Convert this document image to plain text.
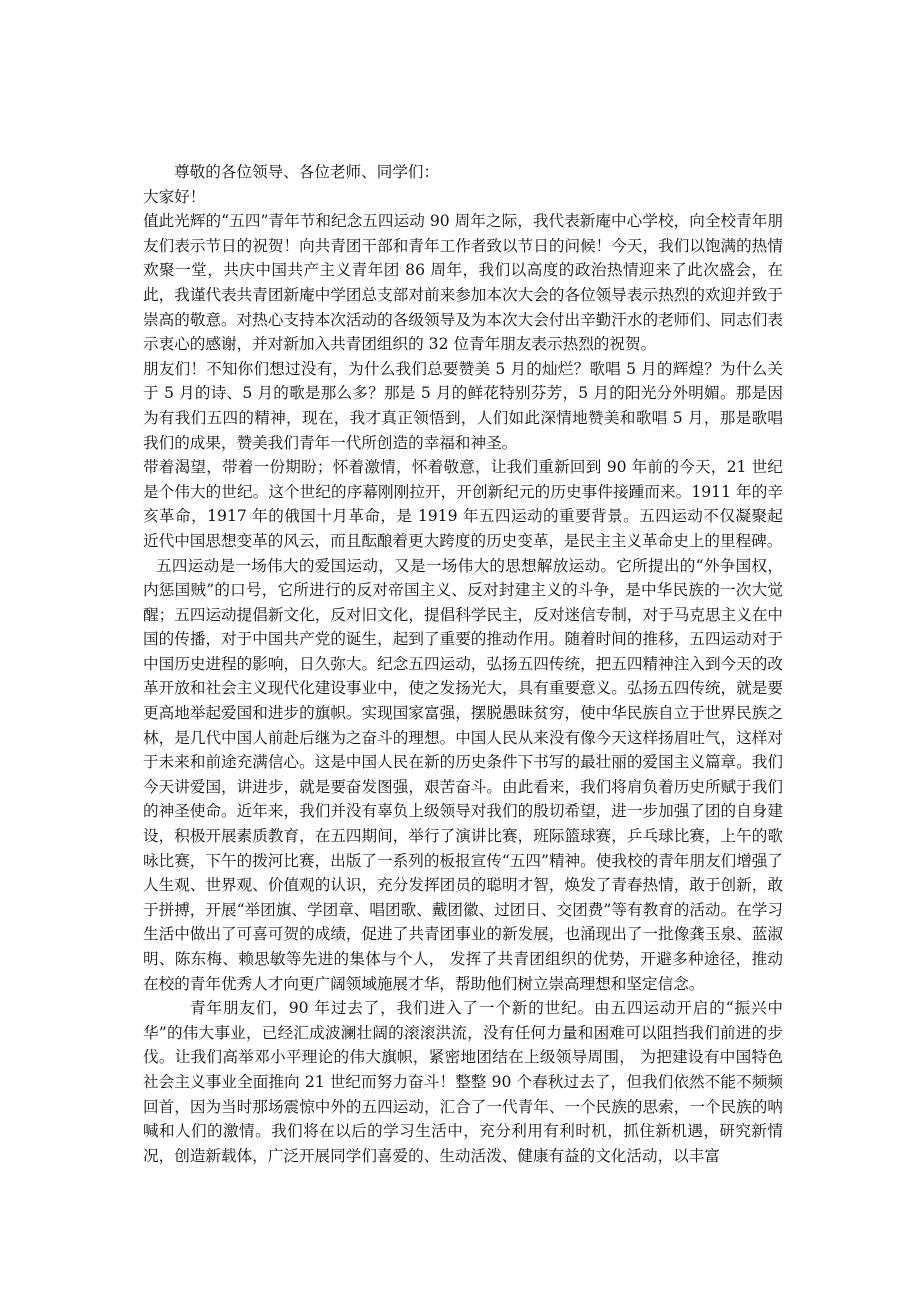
尊敬的各位领导、各位老师、同学们：

大家好！

值此光辉的“五四”青年节和纪念五四运动 90 周年之际，我代表新庵中心学校，向全校青年朋友们表示节日的祝贺！向共青团干部和青年工作者致以节日的问候！今天，我们以饱满的热情欢聚一堂，共庆中国共产主义青年团 86 周年，我们以高度的政治热情迎来了此次盛会，在此，我谨代表共青团新庵中学团总支部对前来参加本次大会的各位领导表示热烈的欢迎并致于崇高的敬意。对热心支持本次活动的各级领导及为本次大会付出辛勤汗水的老师们、同志们表示衷心的感谢，并对新加入共青团组织的 32 位青年朋友表示热烈的祝贺。

朋友们！不知你们想过没有，为什么我们总要赞美 5 月的灿烂？歌唱 5 月的辉煌？为什么关于 5 月的诗、5 月的歌是那么多？那是 5 月的鲜花特别芬芳，5 月的阳光分外明媚。那是因为有我们五四的精神，现在，我才真正领悟到，人们如此深情地赞美和歌唱 5 月，那是歌唱我们的成果，赞美我们青年一代所创造的幸福和神圣。

带着渴望，带着一份期盼；怀着激情，怀着敬意，让我们重新回到 90 年前的今天，21 世纪是个伟大的世纪。这个世纪的序幕刚刚拉开，开创新纪元的历史事件接踵而来。1911 年的辛亥革命，1917 年的俄国十月革命，是 1919 年五四运动的重要背景。五四运动不仅凝聚起近代中国思想变革的风云，而且酝酿着更大跨度的历史变革，是民主主义革命史上的里程碑。

五四运动是一场伟大的爱国运动，又是一场伟大的思想解放运动。它所提出的“外争国权，内惩国贼”的口号，它所进行的反对帝国主义、反对封建主义的斗争，是中华民族的一次大觉醒；五四运动提倡新文化，反对旧文化，提倡科学民主，反对迷信专制，对于马克思主义在中国的传播，对于中国共产党的诞生，起到了重要的推动作用。随着时间的推移，五四运动对于中国历史进程的影响，日久弥大。纪念五四运动，弘扬五四传统，把五四精神注入到今天的改革开放和社会主义现代化建设事业中，使之发扬光大，具有重要意义。弘扬五四传统，就是要更高地举起爱国和进步的旗帜。实现国家富强，摆脱愚昧贫穷，使中华民族自立于世界民族之林，是几代中国人前赴后继为之奋斗的理想。中国人民从来没有像今天这样扬眉吐气，这样对于未来和前途充满信心。这是中国人民在新的历史条件下书写的最壮丽的爱国主义篇章。我们今天讲爱国，讲进步，就是要奋发图强，艰苦奋斗。由此看来，我们将肩负着历史所赋于我们的神圣使命。近年来，我们并没有辜负上级领导对我们的殷切希望，进一步加强了团的自身建设，积极开展素质教育，在五四期间，举行了演讲比赛，班际篮球赛，乒乓球比赛，上午的歌咏比赛，下午的拨河比赛，出版了一系列的板报宣传“五四”精神。使我校的青年朋友们增强了人生观、世界观、价值观的认识，充分发挥团员的聪明才智，焕发了青春热情，敢于创新，敢于拼搏，开展“举团旗、学团章、唱团歌、戴团徽、过团日、交团费”等有教育的活动。在学习生活中做出了可喜可贺的成绩，促进了共青团事业的新发展，也涌现出了一批像龚玉泉、蓝淑明、陈东梅、赖思敏等先进的集体与个人， 发挥了共青团组织的优势，开避多种途径，推动在校的青年优秀人才向更广阔领域施展才华，帮助他们树立崇高理想和坚定信念。

青年朋友们，90 年过去了，我们进入了一个新的世纪。由五四运动开启的“振兴中华”的伟大事业，已经汇成波澜壮阔的滚滚洪流，没有任何力量和困难可以阻挡我们前进的步伐。让我们高举邓小平理论的伟大旗帜，紧密地团结在上级领导周围， 为把建设有中国特色社会主义事业全面推向 21 世纪而努力奋斗！整整 90 个春秋过去了，但我们依然不能不频频回首，因为当时那场震惊中外的五四运动，汇合了一代青年、一个民族的思索，一个民族的呐喊和人们的激情。我们将在以后的学习生活中，充分利用有利时机，抓住新机遇，研究新情况，创造新载体，广泛开展同学们喜爱的、生动活泼、健康有益的文化活动，以丰富
